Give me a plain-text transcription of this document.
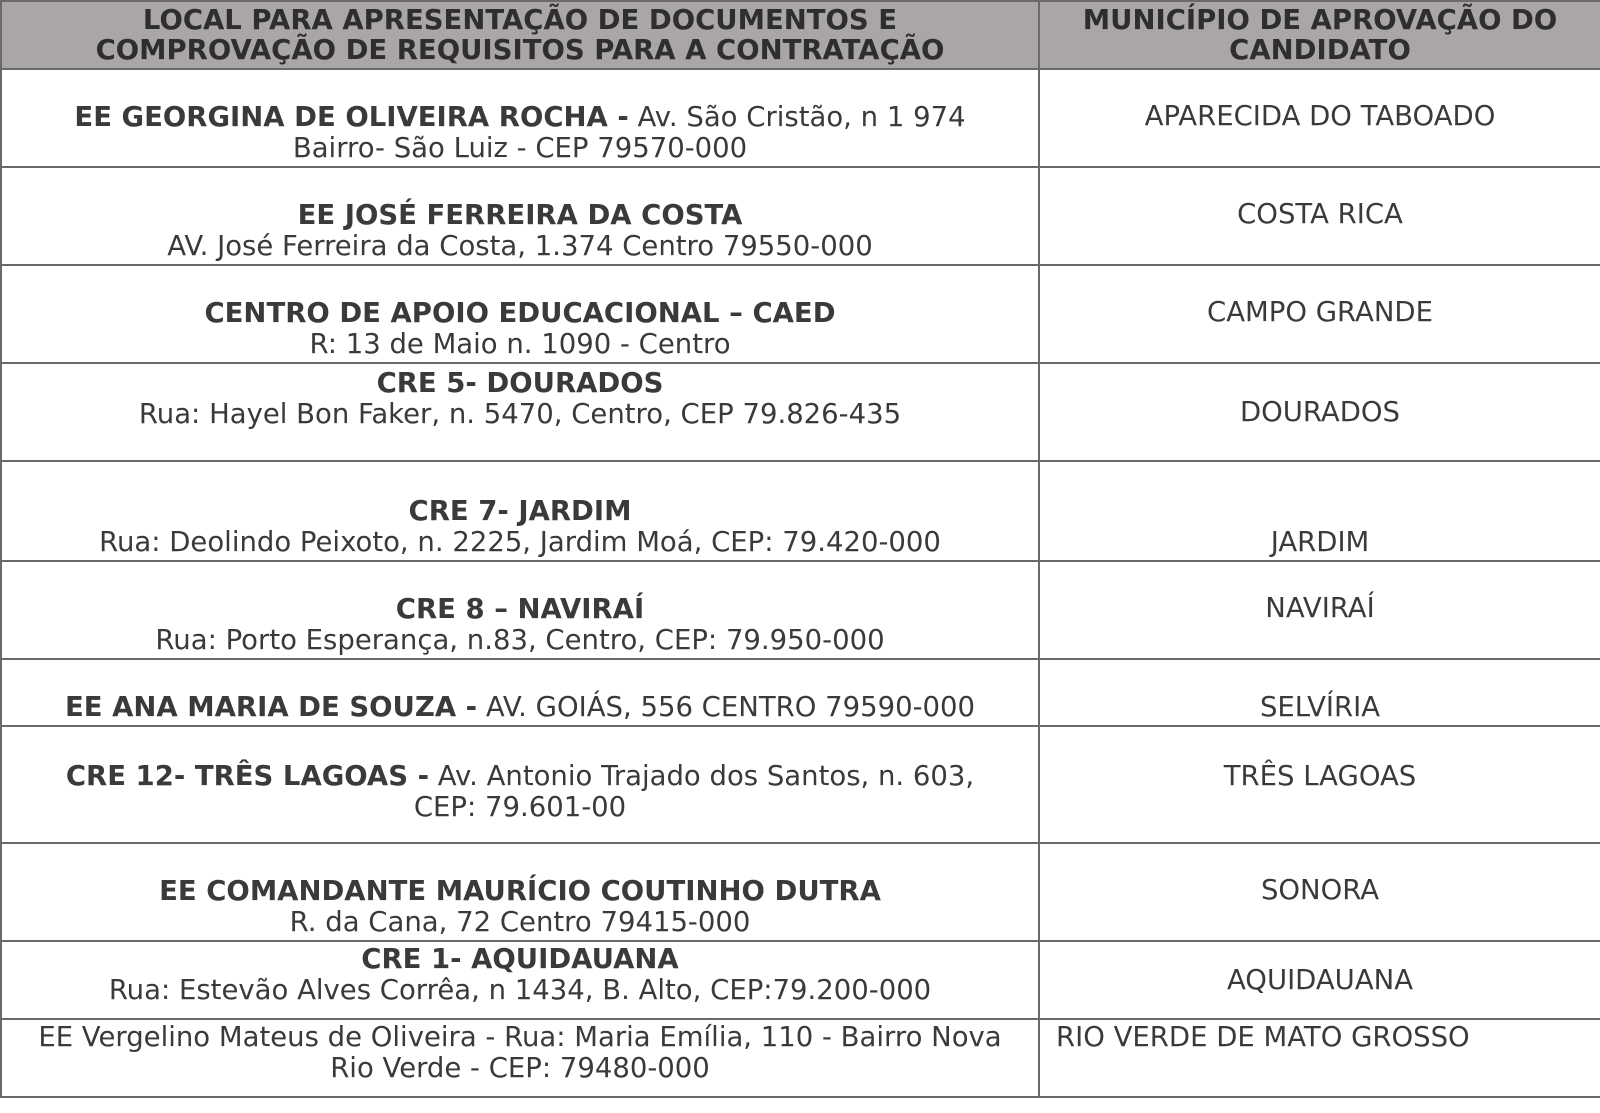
LOCAL PARA APRESENTAÇÃO DE DOCUMENTOS E
COMPROVAÇÃO DE REQUISITOS PARA A CONTRATAÇÃO	MUNICÍPIO DE APROVAÇÃO DO
CANDIDATO

EE GEORGINA DE OLIVEIRA ROCHA - Av. São Cristão, n 1 974
Bairro- São Luiz - CEP 79570-000	APARECIDA DO TABOADO

EE JOSÉ FERREIRA DA COSTA
AV. José Ferreira da Costa, 1.374 Centro 79550-000	COSTA RICA

CENTRO DE APOIO EDUCACIONAL – CAED
R: 13 de Maio n. 1090 - Centro	CAMPO GRANDE

CRE 5- DOURADOS
Rua: Hayel Bon Faker, n. 5470, Centro, CEP 79.826-435	DOURADOS

CRE 7- JARDIM
Rua: Deolindo Peixoto, n. 2225, Jardim Moá, CEP: 79.420-000	JARDIM

CRE 8 – NAVIRAÍ
Rua: Porto Esperança, n.83, Centro, CEP: 79.950-000	NAVIRAÍ

EE ANA MARIA DE SOUZA - AV. GOIÁS, 556 CENTRO 79590-000	SELVÍRIA

CRE 12- TRÊS LAGOAS - Av. Antonio Trajado dos Santos, n. 603,
CEP: 79.601-00	TRÊS LAGOAS

EE COMANDANTE MAURÍCIO COUTINHO DUTRA
R. da Cana, 72 Centro 79415-000	SONORA

CRE 1- AQUIDAUANA
Rua: Estevão Alves Corrêa, n 1434, B. Alto, CEP:79.200-000	AQUIDAUANA

EE Vergelino Mateus de Oliveira - Rua: Maria Emília, 110 - Bairro Nova
Rio Verde - CEP: 79480-000	RIO VERDE DE MATO GROSSO
